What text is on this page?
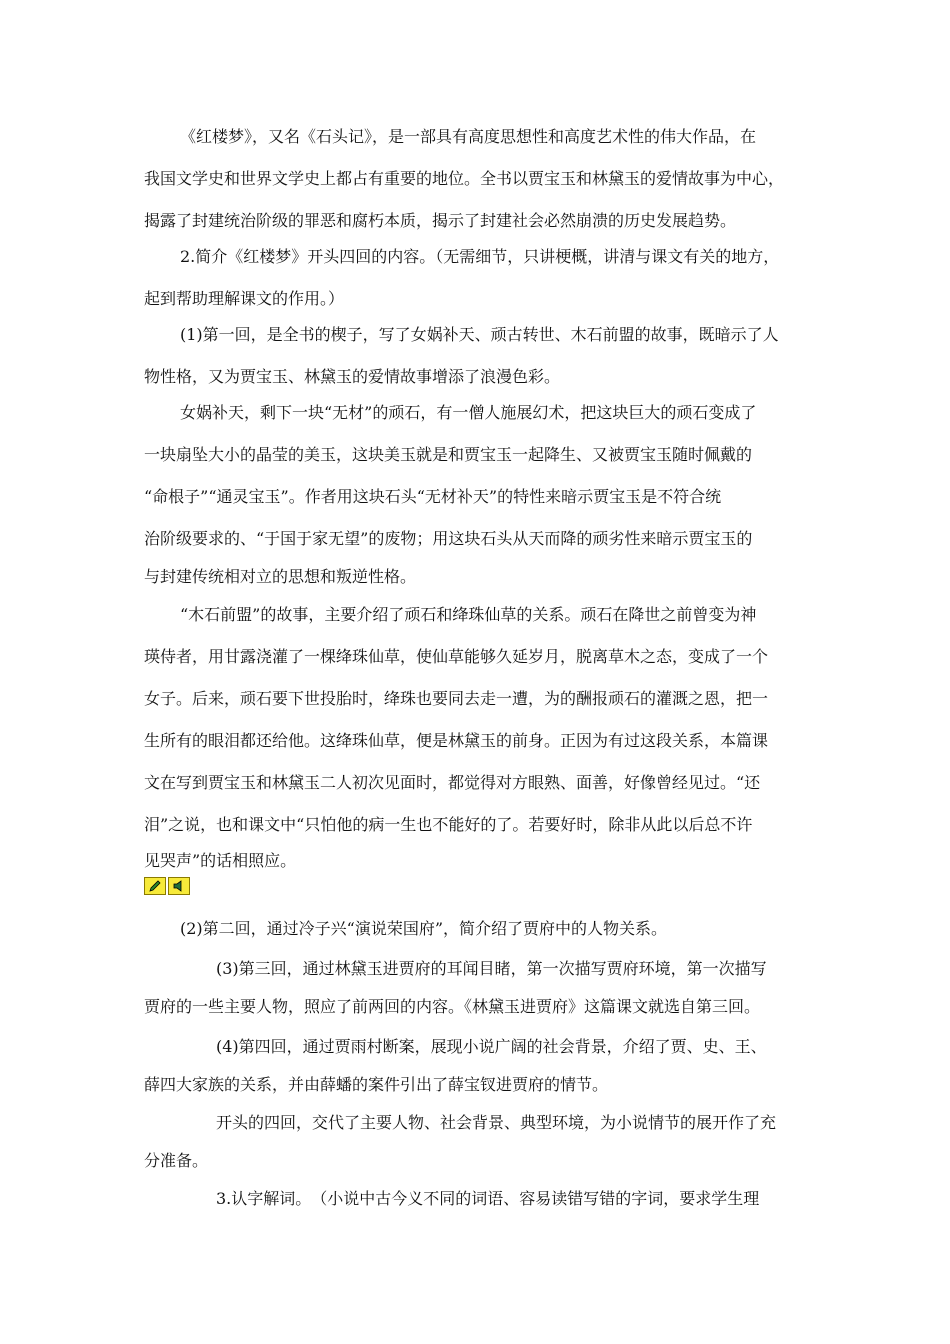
《红楼梦》，又名《石头记》，是一部具有高度思想性和高度艺术性的伟大作品，在
我国文学史和世界文学史上都占有重要的地位。全书以贾宝玉和林黛玉的爱情故事为中心，
揭露了封建统治阶级的罪恶和腐朽本质，揭示了封建社会必然崩溃的历史发展趋势。
2.简介《红楼梦》开头四回的内容。（无需细节，只讲梗概，讲清与课文有关的地方，
起到帮助理解课文的作用。）
(1)第一回，是全书的楔子，写了女娲补天、顽古转世、木石前盟的故事，既暗示了人
物性格，又为贾宝玉、林黛玉的爱情故事增添了浪漫色彩。
女娲补天，剩下一块“无材”的顽石，有一僧人施展幻术，把这块巨大的顽石变成了
一块扇坠大小的晶莹的美玉，这块美玉就是和贾宝玉一起降生、又被贾宝玉随时佩戴的
“命根子”“通灵宝玉”。作者用这块石头“无材补天”的特性来暗示贾宝玉是不符合统
治阶级要求的、“于国于家无望”的废物；用这块石头从天而降的顽劣性来暗示贾宝玉的
与封建传统相对立的思想和叛逆性格。
“木石前盟”的故事，主要介绍了顽石和绛珠仙草的关系。顽石在降世之前曾变为神
瑛侍者，用甘露浇灌了一棵绛珠仙草，使仙草能够久延岁月，脱离草木之态，变成了一个
女子。后来，顽石要下世投胎时，绛珠也要同去走一遭，为的酬报顽石的灌溉之恩，把一
生所有的眼泪都还给他。这绛珠仙草，便是林黛玉的前身。正因为有过这段关系，本篇课
文在写到贾宝玉和林黛玉二人初次见面时，都觉得对方眼熟、面善，好像曾经见过。“还
泪”之说，也和课文中“只怕他的病一生也不能好的了。若要好时，除非从此以后总不许
见哭声”的话相照应。
(2)第二回，通过冷子兴“演说荣国府”，简介绍了贾府中的人物关系。
(3)第三回，通过林黛玉进贾府的耳闻目睹，第一次描写贾府环境，第一次描写
贾府的一些主要人物，照应了前两回的内容。《林黛玉进贾府》这篇课文就选自第三回。
(4)第四回，通过贾雨村断案，展现小说广阔的社会背景，介绍了贾、史、王、
薛四大家族的关系，并由薛蟠的案件引出了薛宝钗进贾府的情节。
开头的四回，交代了主要人物、社会背景、典型环境，为小说情节的展开作了充
分准备。
3.认字解词。　（小说中古今义不同的词语、容易读错写错的字词，要求学生理
